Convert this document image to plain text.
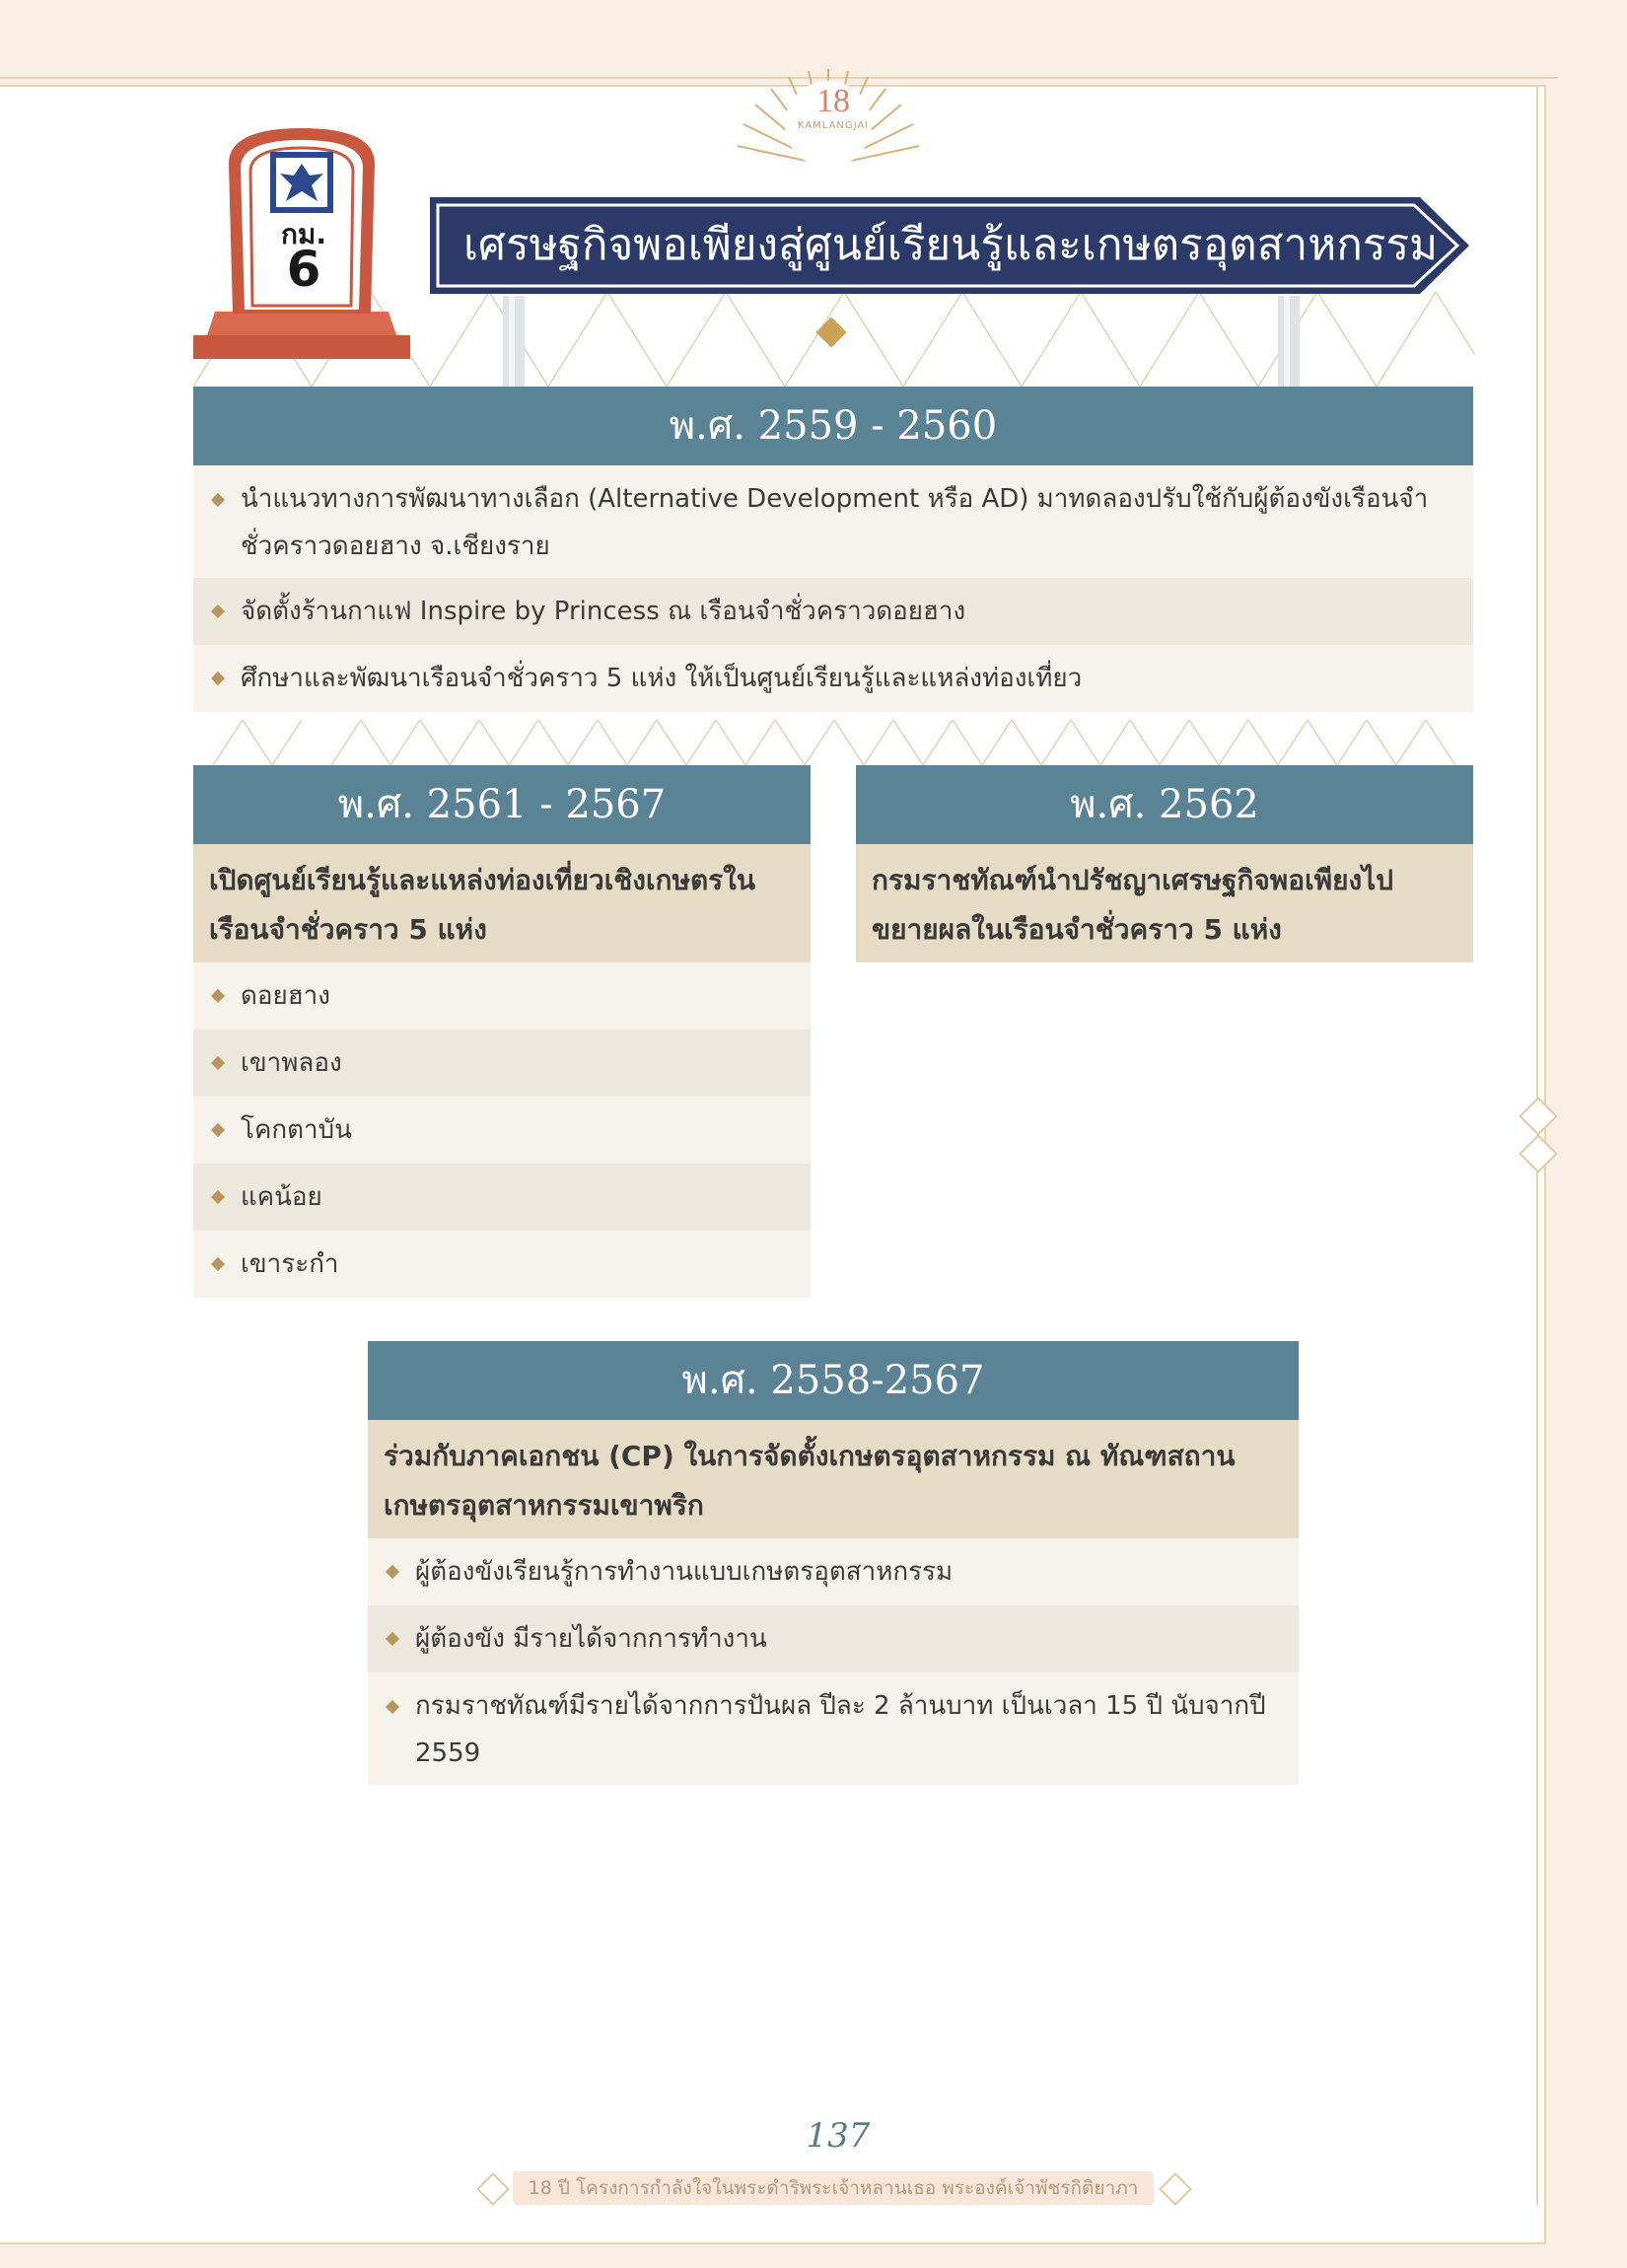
18
KAMLANGJAI
กม.
6	เศรษฐกิจพอเพียงสู่ศูนย์เรียนรู้และเกษตรอุตสาหกรรม
พ.ศ. 2559 - 2560
นำแนวทางการพัฒนาทางเลือก (Alternative Development หรือ AD) มาทดลองปรับใช้กับผู้ต้องขังเรือนจำชั่วคราวดอยฮาง จ.เชียงราย
จัดตั้งร้านกาแฟ Inspire by Princess ณ เรือนจำชั่วคราวดอยฮาง
ศึกษาและพัฒนาเรือนจำชั่วคราว 5 แห่ง ให้เป็นศูนย์เรียนรู้และแหล่งท่องเที่ยว
พ.ศ. 2561 - 2567
เปิดศูนย์เรียนรู้และแหล่งท่องเที่ยวเชิงเกษตรในเรือนจำชั่วคราว 5 แห่ง
ดอยฮาง
เขาพลอง
โคกตาบัน
แคน้อย
เขาระกำ
พ.ศ. 2562
กรมราชทัณฑ์นำปรัชญาเศรษฐกิจพอเพียงไปขยายผลในเรือนจำชั่วคราว 5 แห่ง
พ.ศ. 2558-2567
ร่วมกับภาคเอกชน (CP) ในการจัดตั้งเกษตรอุตสาหกรรม ณ ทัณฑสถานเกษตรอุตสาหกรรมเขาพริก
ผู้ต้องขังเรียนรู้การทำงานแบบเกษตรอุตสาหกรรม
ผู้ต้องขัง มีรายได้จากการทำงาน
กรมราชทัณฑ์มีรายได้จากการปันผล ปีละ 2 ล้านบาท เป็นเวลา 15 ปี นับจากปี 2559
137
18 ปี โครงการกำลังใจในพระดำริพระเจ้าหลานเธอ พระองค์เจ้าพัชรกิติยาภา
